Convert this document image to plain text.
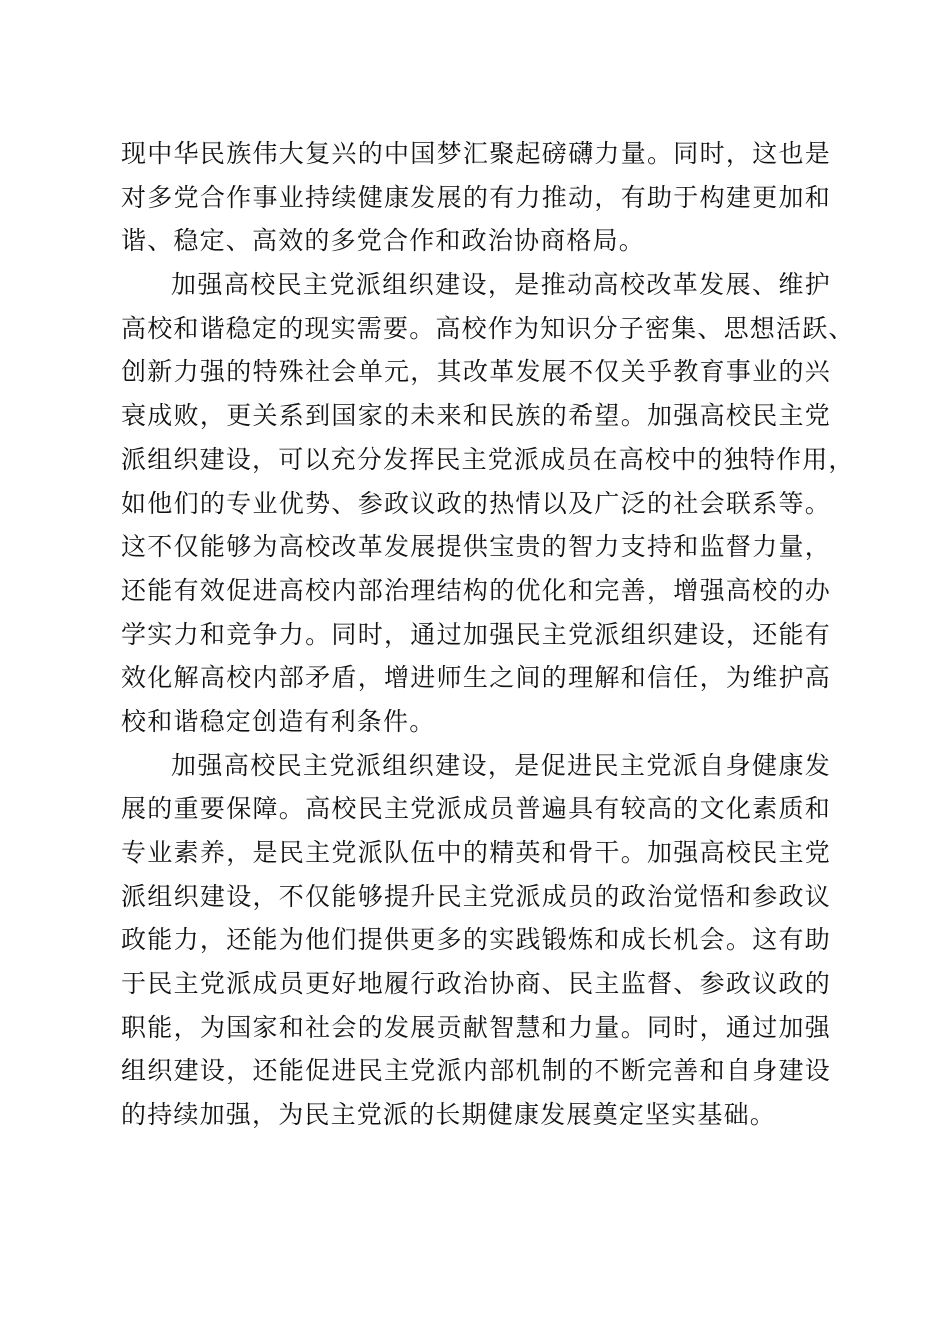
现中华民族伟大复兴的中国梦汇聚起磅礴力量。同时，这也是
对多党合作事业持续健康发展的有力推动，有助于构建更加和
谐、稳定、高效的多党合作和政治协商格局。
加强高校民主党派组织建设，是推动高校改革发展、维护
高校和谐稳定的现实需要。高校作为知识分子密集、思想活跃、
创新力强的特殊社会单元，其改革发展不仅关乎教育事业的兴
衰成败，更关系到国家的未来和民族的希望。加强高校民主党
派组织建设，可以充分发挥民主党派成员在高校中的独特作用，
如他们的专业优势、参政议政的热情以及广泛的社会联系等。
这不仅能够为高校改革发展提供宝贵的智力支持和监督力量，
还能有效促进高校内部治理结构的优化和完善，增强高校的办
学实力和竞争力。同时，通过加强民主党派组织建设，还能有
效化解高校内部矛盾，增进师生之间的理解和信任，为维护高
校和谐稳定创造有利条件。
加强高校民主党派组织建设，是促进民主党派自身健康发
展的重要保障。高校民主党派成员普遍具有较高的文化素质和
专业素养，是民主党派队伍中的精英和骨干。加强高校民主党
派组织建设，不仅能够提升民主党派成员的政治觉悟和参政议
政能力，还能为他们提供更多的实践锻炼和成长机会。这有助
于民主党派成员更好地履行政治协商、民主监督、参政议政的
职能，为国家和社会的发展贡献智慧和力量。同时，通过加强
组织建设，还能促进民主党派内部机制的不断完善和自身建设
的持续加强，为民主党派的长期健康发展奠定坚实基础。
